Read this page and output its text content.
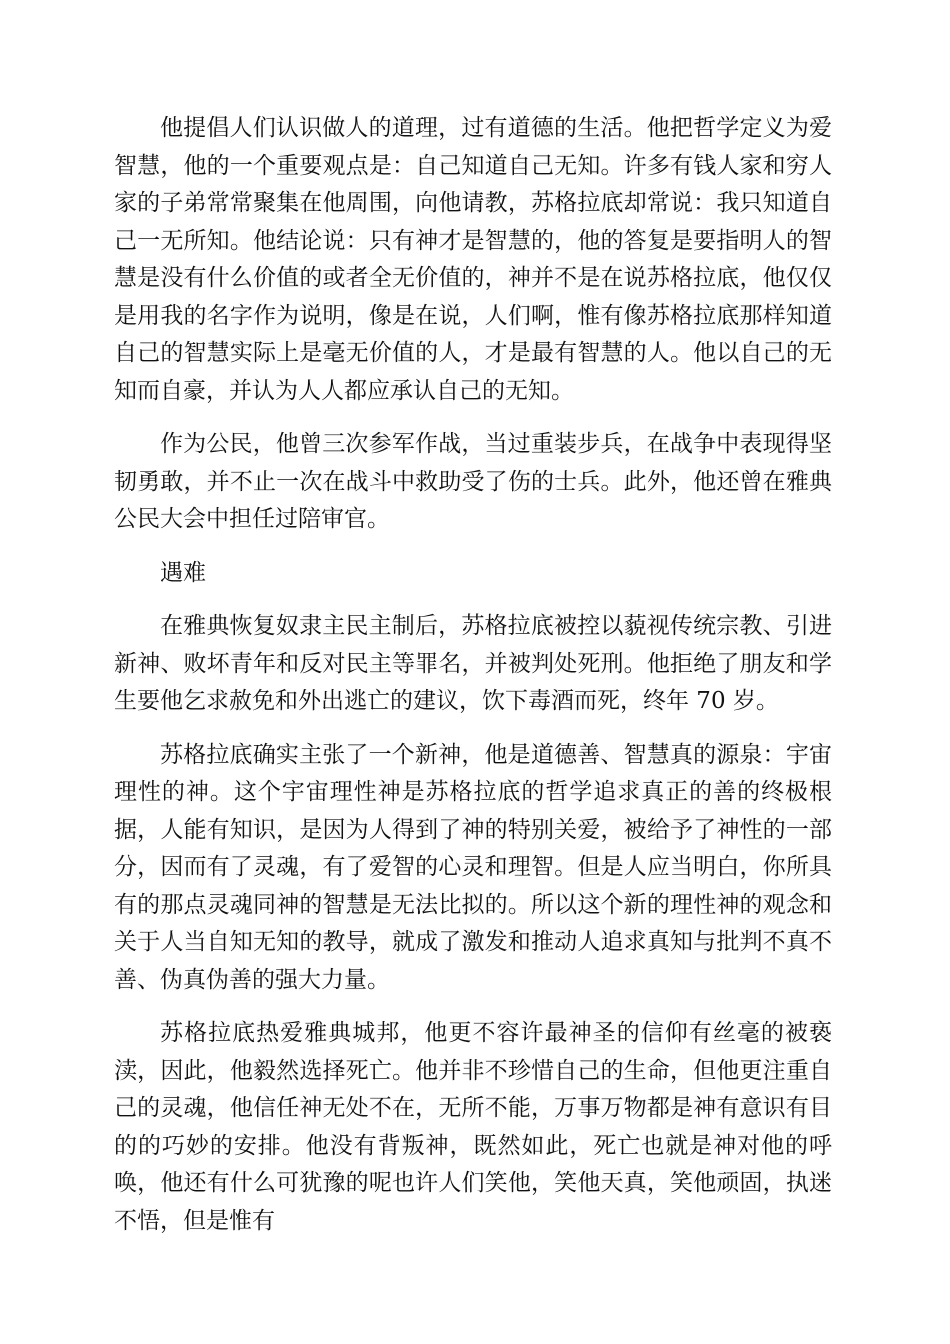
他提倡人们认识做人的道理，过有道德的生活。他把哲学定义为爱智慧，他的一个重要观点是：自己知道自己无知。许多有钱人家和穷人家的子弟常常聚集在他周围，向他请教，苏格拉底却常说：我只知道自己一无所知。他结论说：只有神才是智慧的，他的答复是要指明人的智慧是没有什么价值的或者全无价值的，神并不是在说苏格拉底，他仅仅是用我的名字作为说明，像是在说，人们啊，惟有像苏格拉底那样知道自己的智慧实际上是毫无价值的人，才是最有智慧的人。他以自己的无知而自豪，并认为人人都应承认自己的无知。

作为公民，他曾三次参军作战，当过重装步兵，在战争中表现得坚韧勇敢，并不止一次在战斗中救助受了伤的士兵。此外，他还曾在雅典公民大会中担任过陪审官。

遇难

在雅典恢复奴隶主民主制后，苏格拉底被控以藐视传统宗教、引进新神、败坏青年和反对民主等罪名，并被判处死刑。他拒绝了朋友和学生要他乞求赦免和外出逃亡的建议，饮下毒酒而死，终年 70 岁。

苏格拉底确实主张了一个新神，他是道德善、智慧真的源泉：宇宙理性的神。这个宇宙理性神是苏格拉底的哲学追求真正的善的终极根据，人能有知识，是因为人得到了神的特别关爱，被给予了神性的一部分，因而有了灵魂，有了爱智的心灵和理智。但是人应当明白，你所具有的那点灵魂同神的智慧是无法比拟的。所以这个新的理性神的观念和关于人当自知无知的教导，就成了激发和推动人追求真知与批判不真不善、伪真伪善的强大力量。

苏格拉底热爱雅典城邦，他更不容许最神圣的信仰有丝毫的被亵渎，因此，他毅然选择死亡。他并非不珍惜自己的生命，但他更注重自己的灵魂，他信任神无处不在，无所不能，万事万物都是神有意识有目的的巧妙的安排。他没有背叛神，既然如此，死亡也就是神对他的呼唤，他还有什么可犹豫的呢也许人们笑他，笑他天真，笑他顽固，执迷不悟，但是惟有
